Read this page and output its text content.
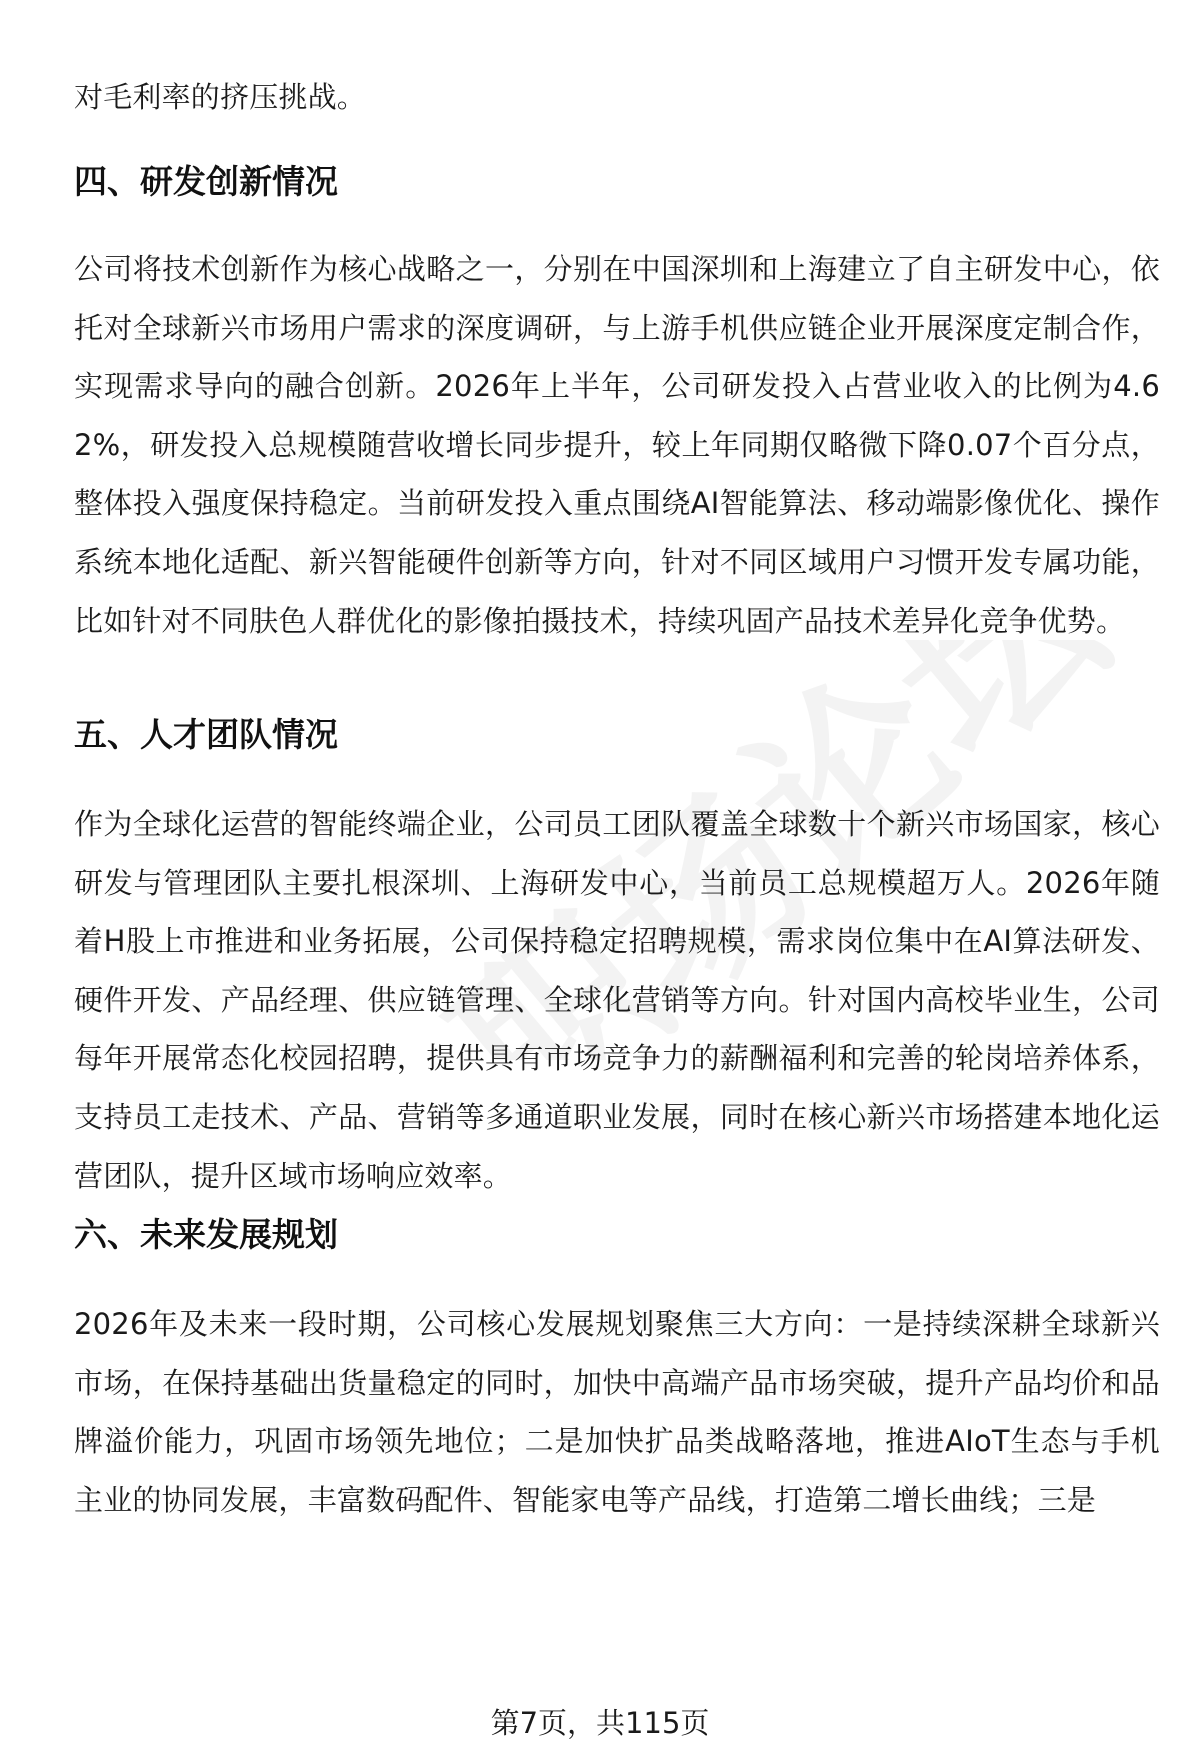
对毛利率的挤压挑战。
四、研发创新情况
公司将技术创新作为核心战略之一，分别在中国深圳和上海建立了自主研发中心，依托对全球新兴市场用户需求的深度调研，与上游手机供应链企业开展深度定制合作，实现需求导向的融合创新。2026年上半年，公司研发投入占营业收入的比例为4.62%，研发投入总规模随营收增长同步提升，较上年同期仅略微下降0.07个百分点，整体投入强度保持稳定。当前研发投入重点围绕AI智能算法、移动端影像优化、操作系统本地化适配、新兴智能硬件创新等方向，针对不同区域用户习惯开发专属功能，比如针对不同肤色人群优化的影像拍摄技术，持续巩固产品技术差异化竞争优势。
五、人才团队情况
作为全球化运营的智能终端企业，公司员工团队覆盖全球数十个新兴市场国家，核心研发与管理团队主要扎根深圳、上海研发中心，当前员工总规模超万人。2026年随着H股上市推进和业务拓展，公司保持稳定招聘规模，需求岗位集中在AI算法研发、硬件开发、产品经理、供应链管理、全球化营销等方向。针对国内高校毕业生，公司每年开展常态化校园招聘，提供具有市场竞争力的薪酬福利和完善的轮岗培养体系，支持员工走技术、产品、营销等多通道职业发展，同时在核心新兴市场搭建本地化运营团队，提升区域市场响应效率。
六、未来发展规划
2026年及未来一段时期，公司核心发展规划聚焦三大方向：一是持续深耕全球新兴市场，在保持基础出货量稳定的同时，加快中高端产品市场突破，提升产品均价和品牌溢价能力，巩固市场领先地位；二是加快扩品类战略落地，推进AIoT生态与手机主业的协同发展，丰富数码配件、智能家电等产品线，打造第二增长曲线；三是
第7页，共115页
